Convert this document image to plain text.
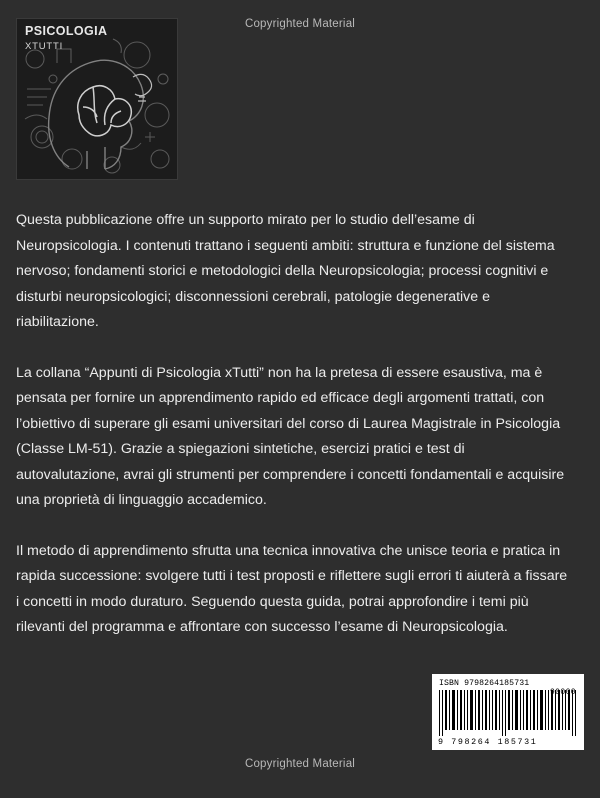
Copyrighted Material
PSICOLOGIA
XTUTTI

Questa pubblicazione offre un supporto mirato per lo studio dell’esame di Neuropsicologia. I contenuti trattano i seguenti ambiti: struttura e funzione del sistema nervoso; fondamenti storici e metodologici della Neuropsicologia; processi cognitivi e disturbi neuropsicologici; disconnessioni cerebrali, patologie degenerative e riabilitazione.

La collana “Appunti di Psicologia xTutti” non ha la pretesa di essere esaustiva, ma è pensata per fornire un apprendimento rapido ed efficace degli argomenti trattati, con l’obiettivo di superare gli esami universitari del corso di Laurea Magistrale in Psicologia (Classe LM-51). Grazie a spiegazioni sintetiche, esercizi pratici e test di autovalutazione, avrai gli strumenti per comprendere i concetti fondamentali e acquisire una proprietà di linguaggio accademico.

Il metodo di apprendimento sfrutta una tecnica innovativa che unisce teoria e pratica in rapida successione: svolgere tutti i test proposti e riflettere sugli errori ti aiuterà a fissare i concetti in modo duraturo. Seguendo questa guida, potrai approfondire i temi più rilevanti del programma e affrontare con successo l’esame di Neuropsicologia.

ISBN 9798264185731
90000
9 798264 185731
Copyrighted Material
